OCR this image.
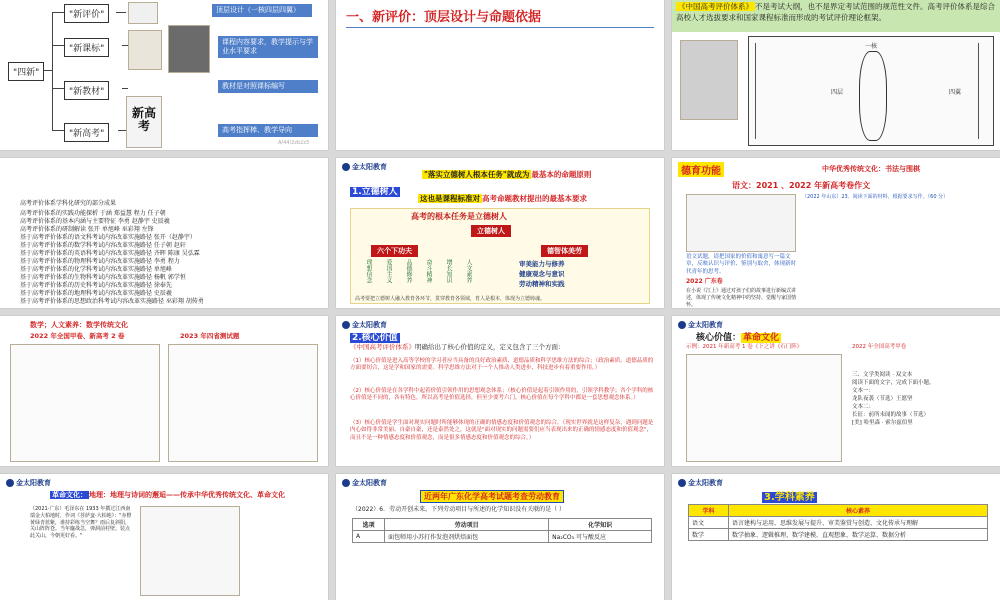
"四新"
"新评价"
"新课标"
"新教材"
"新高考"
新高考
顶层设计（一核四层四翼）
课程内容要求，教学提示与学业水平要求
教材是对照课标编写
高考指挥棒、教学导向
A/44/2zb2z3
一、新评价：顶层设计与命题依据
《中国高考评价体系》 不是考试大纲，也不是界定考试范围的规范性文件。高考评价体系是综合高校人才选拔要求和国家课程标准而形成的考试评价理论框架。
一核
四层	四翼
高考评价体系学科化研究的部分成果
高考评价体系的实践功能探析 于涵 郑益慧 程力 任子朝
高考评价体系的基本内涵与主要特征 李勇 赵静宇 史辰羲
高考评价体系的研制解读 张开 单旭峰 巫彩翔 左锋
基于高考评价体系的语文科考试内容改革实施路径 张开（赵静宇）
基于高考评价体系的数学科考试内容改革实施路径 任子朝 赵轩
基于高考评价体系的英语科考试内容改革实施路径 齐晖 陈康 吴弘霖
基于高考评价体系的物理科考试内容改革实施路径 李勇 程力
基于高考评价体系的化学科考试内容改革实施路径 单旭峰
基于高考评价体系的生物科考试内容改革实施路径 杨帆 郭学恒
基于高考评价体系的历史科考试内容改革实施路径 徐奉先
基于高考评价体系的地理科考试内容改革实施路径 史辰羲
基于高考评价体系的思想政治科考试内容改革实施路径 巫彩翔 胡传勇
金太阳教育
"落实立德树人根本任务"就成为 最基本的命题原则
1.立德树人
这也是课程标准对 高考命题教材提出的最基本要求
高考的根本任务是立德树人
立德树人
六个下功夫	德智体美劳
理想信念	爱国主义	品德修养	奋斗精神	增长知识	人文素养	审美能力与修养
健康观念与意识
劳动精神和实践
高考要把立德树人融入教育各环节，贯穿教育各领域，育人是根本，体现为立德铸魂。
德育功能	中华优秀传统文化：书法与围棋
语文：2021 、2022 年新高考卷作文
（2022 年山东）23．阅读下面的材料，根据要求写作。（60 分）
语文试题，请把国家的价值和寓意写一篇文章，反映认识与评价、鉴别与取舍，体现新时代青年的思考。
2022 广东卷
在小说《江上》通过对孩子们的故事进行新编式讲述，体现了传统文化精神中的坚持、觉醒与家国情怀。
数学；人文素养：数学传统文化
2022 年全国甲卷、新高考 2 卷	2023 年四省测试题
金太阳教育
2.核心价值
《中国高考评价体系》明确给出了核心价值的定义，定义包含了三个方面：
（1）核心价值是进入高等学校的学习者应当具备的良好政治素质、道德品质和科学思维方法的综合；（政治素质、道德品质的方面要切合，这是学和国家的需要。科学思维方法对于一个人推动人类进步、科技进步有着重要作用。）
（2）核心价值是在各学科中起着价值引领作用的思想观念体系；（核心价值是起着引领作用的，引领学科教学；各个学科的核心价值是不同的，各有特色，所以高考是价值选择，但至少要考六门，核心价值在每个学科中都是一套思想观念体系。）
（3）核心价值是学生面对现实问题时所能够体现的正确的情感态度和价值观念的综合。（现实世界就是这样复杂，遇到问题是内心如得非常美丽、自豪自豪，还是泰然处之，这就是"面对现实的问题需要们应当表现出来的正确的情感态度和价值观念"，而且不是一种情感态度和价值观念，而是很多情感态度和价值观念的综合。）
金太阳教育
核心价值： 革命文化
示例：2021 年新高考 1 卷《下之讲《石门阵》	2022 年全国高考甲卷
三、文学类阅读 · 双文本
阅读下面的文字，完成下面小题。
文本一：
龙队夜袭（节选）王愿坚
文本二：
长征：前所未闻的故事（节选）
[美] 哈里森 · 索尔兹伯里
金太阳教育
革命文化： 地理：地理与诗词的邂逅——传承中华优秀传统文化、革命文化
（2021·广东）毛泽东在 1933 年撰过江西南瑞金大柏地时，作词《菩萨蛮·大柏地》："赤橙黄绿青蓝紫，谁持彩练当空舞？雨后复斜阳，关山阵阵苍。当年鏖战急，弹洞前村壁。装点此关山，今朝更好看。"
金太阳教育
近两年广东化学高考试题考查劳动教育
（2022）6．劳动开创未来。下列劳动项目与所述的化学知识没有关联的是（ ）
选项	劳动项目	化学知识
A	面包师用小苏打作发泡剂烘焙面包	Na₂CO₃ 可与酸反应
金太阳教育
3.学科素养
学科	核心素养
语文	语言建构与运用、思维发展与提升、审美鉴赏与创造、文化传承与理解
数学	数学抽象、逻辑推理、数学建模、直观想象、数学运算、数据分析
